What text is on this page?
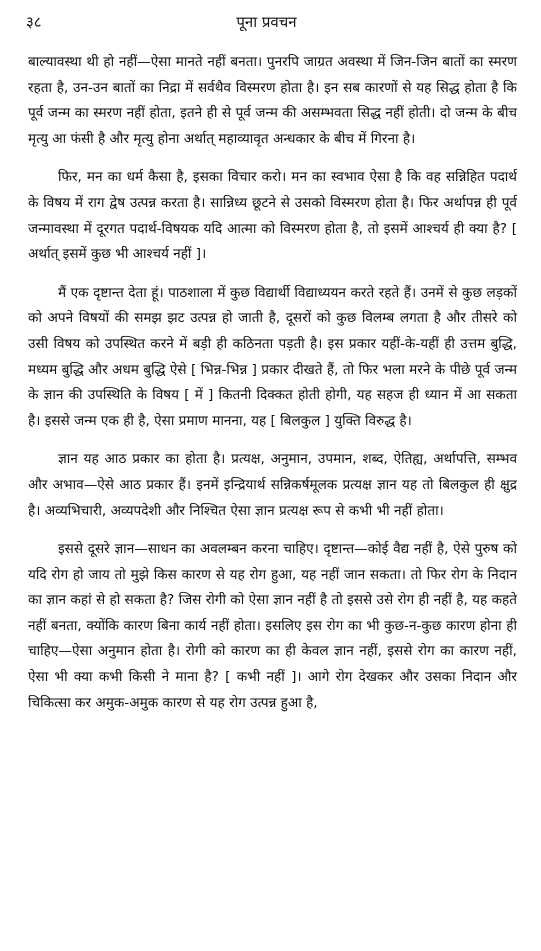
३८	पूना प्रवचन

बाल्यावस्था थी हो नहीं—ऐसा मानते नहीं बनता। पुनरपि जाग्रत अवस्था में जिन-जिन बातों का स्मरण रहता है, उन-उन बातों का निद्रा में सर्वथैव विस्मरण होता है। इन सब कारणों से यह सिद्ध होता है कि पूर्व जन्म का स्मरण नहीं होता, इतने ही से पूर्व जन्म की असम्भवता सिद्ध नहीं होती। दो जन्म के बीच मृत्यु आ फंसी है और मृत्यु होना अर्थात् महाव्यावृत अन्धकार के बीच में गिरना है।

फिर, मन का धर्म कैसा है, इसका विचार करो। मन का स्वभाव ऐसा है कि वह सन्निहित पदार्थ के विषय में राग द्वेष उत्पन्न करता है। सान्निध्य छूटने से उसको विस्मरण होता है। फिर अर्थापन्न ही पूर्व जन्मावस्था में दूरगत पदार्थ-विषयक यदि आत्मा को विस्मरण होता है, तो इसमें आश्चर्य ही क्या है? [ अर्थात् इसमें कुछ भी आश्चर्य नहीं ]।

मैं एक दृष्टान्त देता हूं। पाठशाला में कुछ विद्यार्थी विद्याध्ययन करते रहते हैं। उनमें से कुछ लड़कों को अपने विषयों की समझ झट उत्पन्न हो जाती है, दूसरों को कुछ विलम्ब लगता है और तीसरे को उसी विषय को उपस्थित करने में बड़ी ही कठिनता पड़ती है। इस प्रकार यहीं-के-यहीं ही उत्तम बुद्धि, मध्यम बुद्धि और अधम बुद्धि ऐसे [ भिन्न-भिन्न ] प्रकार दीखते हैं, तो फिर भला मरने के पीछे पूर्व जन्म के ज्ञान की उपस्थिति के विषय [ में ] कितनी दिक्कत होती होगी, यह सहज ही ध्यान में आ सकता है। इससे जन्म एक ही है, ऐसा प्रमाण मानना, यह [ बिलकुल ] युक्ति विरुद्ध है।

ज्ञान यह आठ प्रकार का होता है। प्रत्यक्ष, अनुमान, उपमान, शब्द, ऐतिह्य, अर्थापत्ति, सम्भव और अभाव—ऐसे आठ प्रकार हैं। इनमें इन्द्रियार्थ सन्निकर्षमूलक प्रत्यक्ष ज्ञान यह तो बिलकुल ही क्षुद्र है। अव्यभिचारी, अव्यपदेशी और निश्चित ऐसा ज्ञान प्रत्यक्ष रूप से कभी भी नहीं होता।

इससे दूसरे ज्ञान—साधन का अवलम्बन करना चाहिए। दृष्टान्त—कोई वैद्य नहीं है, ऐसे पुरुष को यदि रोग हो जाय तो मुझे किस कारण से यह रोग हुआ, यह नहीं जान सकता। तो फिर रोग के निदान का ज्ञान कहां से हो सकता है? जिस रोगी को ऐसा ज्ञान नहीं है तो इससे उसे रोग ही नहीं है, यह कहते नहीं बनता, क्योंकि कारण बिना कार्य नहीं होता। इसलिए इस रोग का भी कुछ-न-कुछ कारण होना ही चाहिए—ऐसा अनुमान होता है। रोगी को कारण का ही केवल ज्ञान नहीं, इससे रोग का कारण नहीं, ऐसा भी क्या कभी किसी ने माना है? [ कभी नहीं ]। आगे रोग देखकर और उसका निदान और चिकित्सा कर अमुक-अमुक कारण से यह रोग उत्पन्न हुआ है,
